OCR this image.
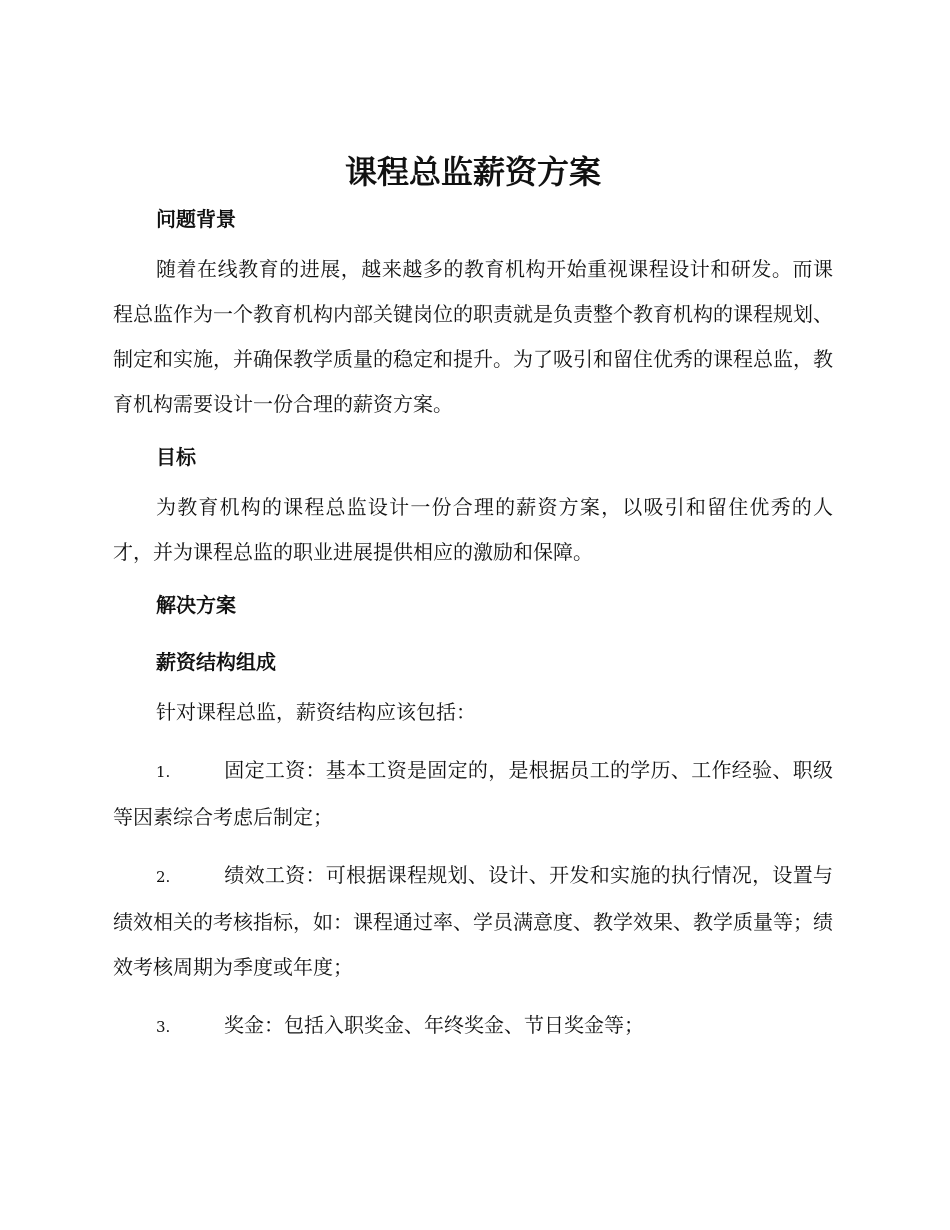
课程总监薪资方案
问题背景

随着在线教育的进展，越来越多的教育机构开始重视课程设计和研发。而课程总监作为一个教育机构内部关键岗位的职责就是负责整个教育机构的课程规划、制定和实施，并确保教学质量的稳定和提升。为了吸引和留住优秀的课程总监，教育机构需要设计一份合理的薪资方案。

目标

为教育机构的课程总监设计一份合理的薪资方案，以吸引和留住优秀的人才，并为课程总监的职业进展提供相应的激励和保障。

解决方案
薪资结构组成

针对课程总监，薪资结构应该包括：

1.	固定工资：基本工资是固定的，是根据员工的学历、工作经验、职级等因素综合考虑后制定；

2.	绩效工资：可根据课程规划、设计、开发和实施的执行情况，设置与绩效相关的考核指标，如：课程通过率、学员满意度、教学效果、教学质量等；绩效考核周期为季度或年度；

3.	奖金：包括入职奖金、年终奖金、节日奖金等；
